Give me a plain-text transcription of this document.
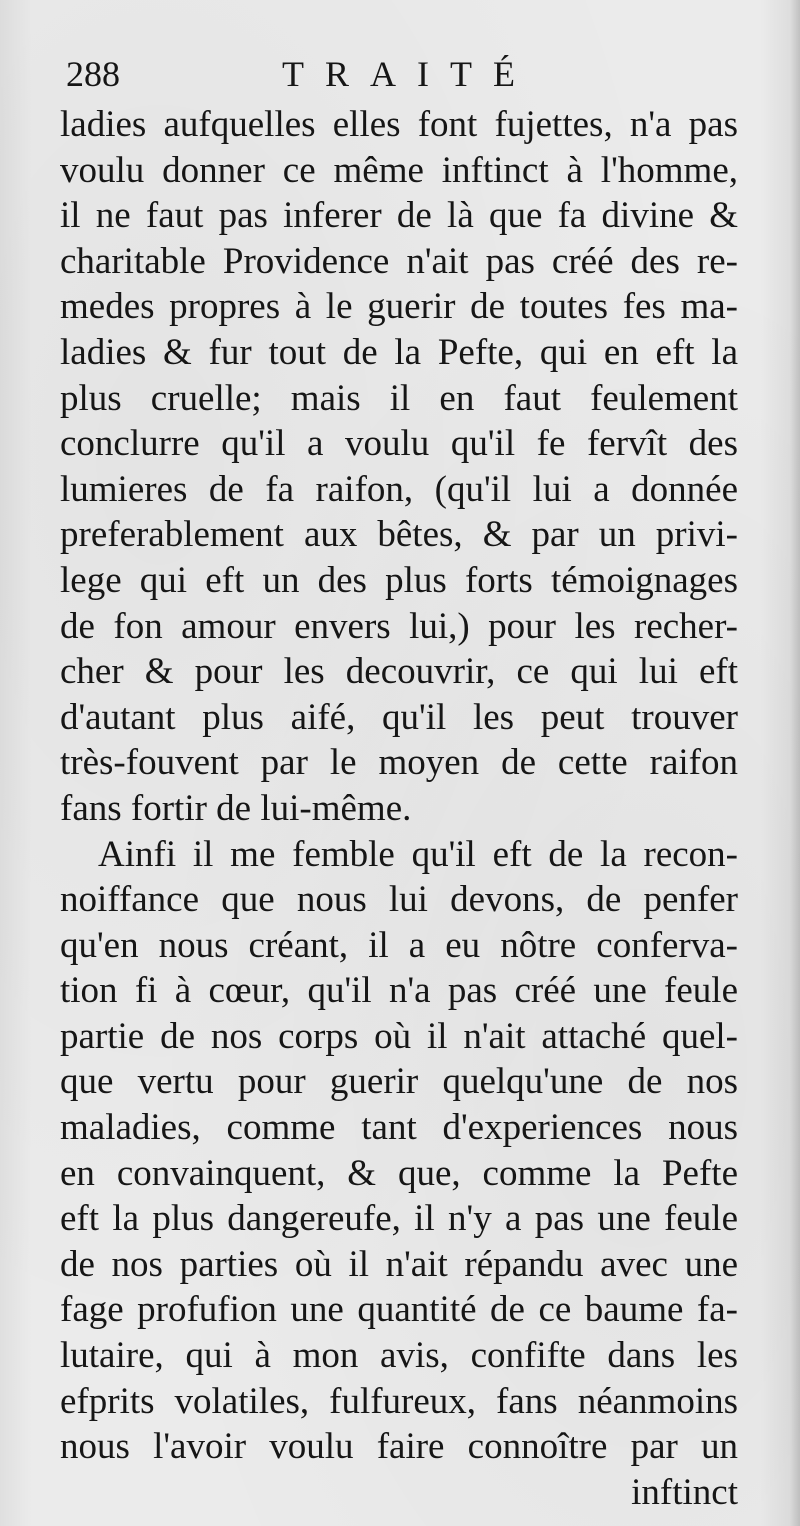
288	TRAITÉ
ladies aufquelles elles font fujettes, n'a pas
voulu donner ce même inftinct à l'homme,
il ne faut pas inferer de là que fa divine &
charitable Providence n'ait pas créé des re-
medes propres à le guerir de toutes fes ma-
ladies & fur tout de la Pefte, qui en eft la
plus cruelle; mais il en faut feulement
conclurre qu'il a voulu qu'il fe fervît des
lumieres de fa raifon, (qu'il lui a donnée
preferablement aux bêtes, & par un privi-
lege qui eft un des plus forts témoignages
de fon amour envers lui,) pour les recher-
cher & pour les decouvrir, ce qui lui eft
d'autant plus aifé, qu'il les peut trouver
très-fouvent par le moyen de cette raifon
fans fortir de lui-même.
Ainfi il me femble qu'il eft de la recon-
noiffance que nous lui devons, de penfer
qu'en nous créant, il a eu nôtre conferva-
tion fi à cœur, qu'il n'a pas créé une feule
partie de nos corps où il n'ait attaché quel-
que vertu pour guerir quelqu'une de nos
maladies, comme tant d'experiences nous
en convainquent, & que, comme la Pefte
eft la plus dangereufe, il n'y a pas une feule
de nos parties où il n'ait répandu avec une
fage profufion une quantité de ce baume fa-
lutaire, qui à mon avis, confifte dans les
efprits volatiles, fulfureux, fans néanmoins
nous l'avoir voulu faire connoître par un
inftinct
